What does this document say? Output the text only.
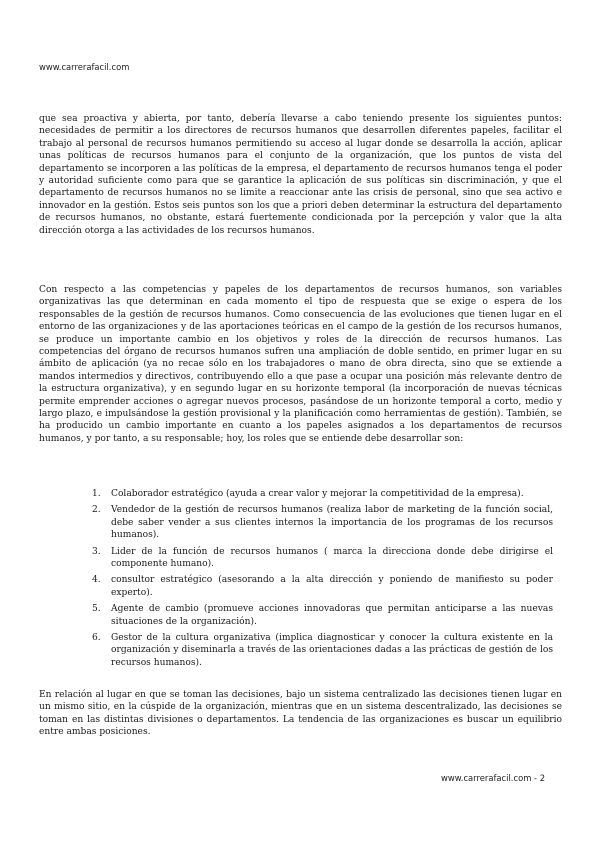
www.carrerafacil.com

que sea proactiva y abierta, por tanto, debería llevarse a cabo teniendo presente los siguientes puntos: necesidades de permitir a los directores de recursos humanos que desarrollen diferentes papeles, facilitar el trabajo al personal de recursos humanos permitiendo su acceso al lugar donde se desarrolla la acción, aplicar unas políticas de recursos humanos para el conjunto de la organización, que los puntos de vista del departamento se incorporen a las políticas de la empresa, el departamento de recursos humanos tenga el poder y autoridad suficiente como para que se garantice la aplicación de sus políticas sin discriminación, y que el departamento de recursos humanos no se limite a reaccionar ante las crisis de personal, sino que sea activo e innovador en la gestión. Estos seis puntos son los que a priori deben determinar la estructura del departamento de recursos humanos, no obstante, estará fuertemente condicionada por la percepción y valor que la alta dirección otorga a las actividades de los recursos humanos.

Con respecto a las competencias y papeles de los departamentos de recursos humanos, son variables organizativas las que determinan en cada momento el tipo de respuesta que se exige o espera de los responsables de la gestión de recursos humanos. Como consecuencia de las evoluciones que tienen lugar en el entorno de las organizaciones y de las aportaciones teóricas en el campo de la gestión de los recursos humanos, se produce un importante cambio en los objetivos y roles de la dirección de recursos humanos. Las competencias del órgano de recursos humanos sufren una ampliación de doble sentido, en primer lugar en su ámbito de aplicación (ya no recae sólo en los trabajadores o mano de obra directa, sino que se extiende a mandos intermedios y directivos, contribuyendo ello a que pase a ocupar una posición más relevante dentro de la estructura organizativa), y en segundo lugar en su horizonte temporal (la incorporación de nuevas técnicas permite emprender acciones o agregar nuevos procesos, pasándose de un horizonte temporal a corto, medio y largo plazo, e impulsándose la gestión provisional y la planificación como herramientas de gestión). También, se ha producido un cambio importante en cuanto a los papeles asignados a los departamentos de recursos humanos, y por tanto, a su responsable; hoy, los roles que se entiende debe desarrollar son:

1. Colaborador estratégico (ayuda a crear valor y mejorar la competitividad de la empresa).
2. Vendedor de la gestión de recursos humanos (realiza labor de marketing de la función social, debe saber vender a sus clientes internos la importancia de los programas de los recursos humanos).
3. Lider de la función de recursos humanos ( marca la direcciona donde debe dirigirse el componente humano).
4. consultor estratégico (asesorando a la alta dirección y poniendo de manifiesto su poder experto).
5. Agente de cambio (promueve acciones innovadoras que permitan anticiparse a las nuevas situaciones de la organización).
6. Gestor de la cultura organizativa (implica diagnosticar y conocer la cultura existente en la organización y diseminarla a través de las orientaciones dadas a las prácticas de gestión de los recursos humanos).

En relación al lugar en que se toman las decisiones, bajo un sistema centralizado las decisiones tienen lugar en un mismo sitio, en la cúspide de la organización, mientras que en un sistema descentralizado, las decisiones se toman en las distintas divisiones o departamentos. La tendencia de las organizaciones es buscar un equilibrio entre ambas posiciones.

www.carrerafacil.com - 2
